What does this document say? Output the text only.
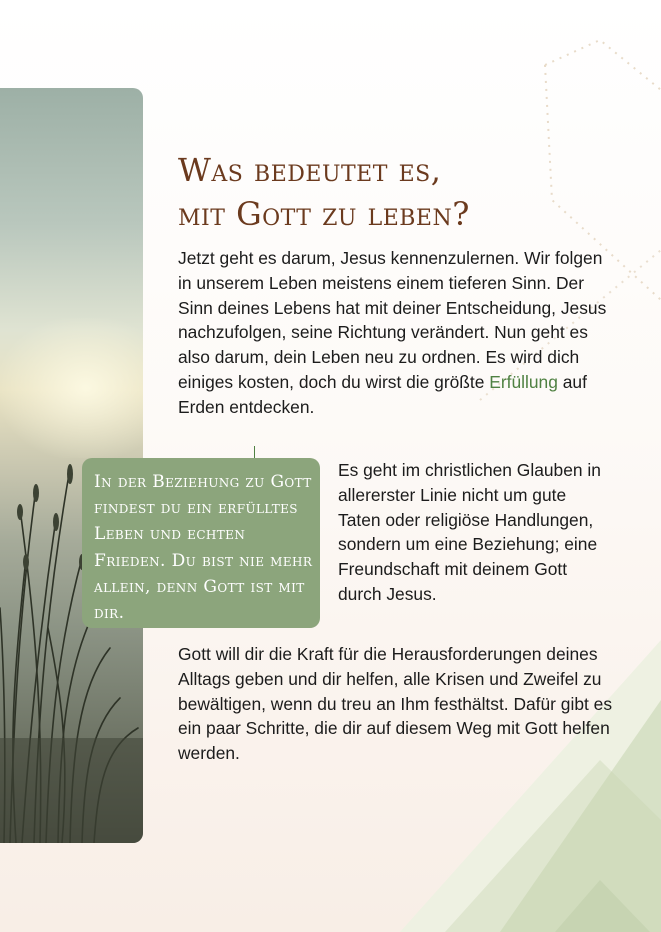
Was bedeutet es,
mit Gott zu leben?

Jetzt geht es darum, Jesus kennenzulernen. Wir folgen in unserem Leben meistens einem tieferen Sinn. Der Sinn deines Lebens hat mit deiner Entscheidung, Jesus nachzufolgen, seine Richtung verändert. Nun geht es also darum, dein Leben neu zu ordnen. Es wird dich einiges kosten, doch du wirst die größte Erfüllung auf Erden entdecken.

In der Beziehung zu Gott findest du ein erfülltes Leben und echten Frieden. Du bist nie mehr allein, denn Gott ist mit dir.

Es geht im christlichen Glauben in allererster Linie nicht um gute Taten oder religiöse Handlungen, sondern um eine Beziehung; eine Freundschaft mit deinem Gott durch Jesus.

Gott will dir die Kraft für die Herausforderungen deines Alltags geben und dir helfen, alle Krisen und Zweifel zu bewältigen, wenn du treu an Ihm festhältst. Dafür gibt es ein paar Schritte, die dir auf diesem Weg mit Gott helfen werden.
